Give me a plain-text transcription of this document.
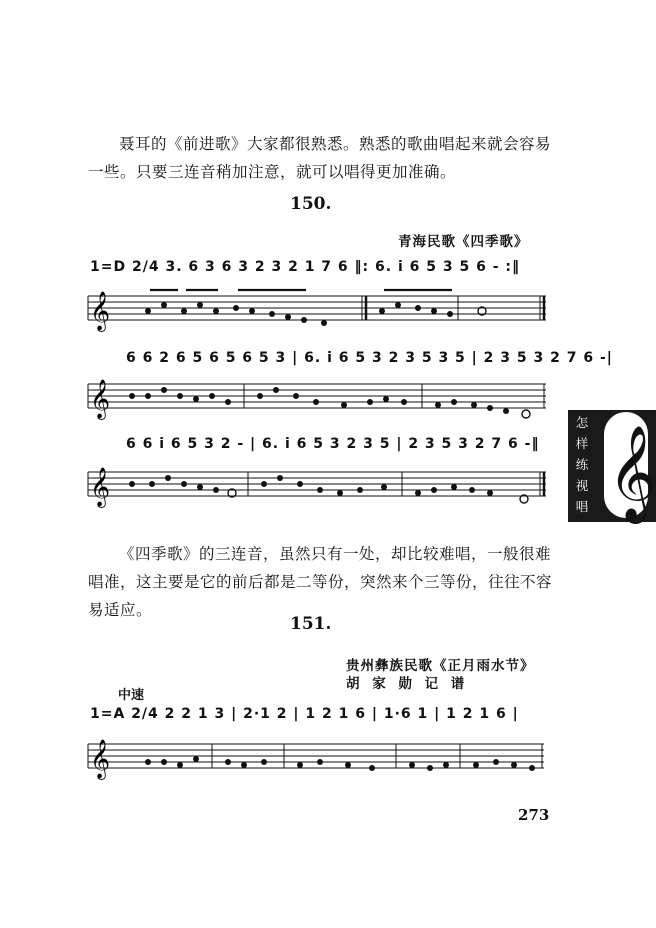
聂耳的《前进歌》大家都很熟悉。熟悉的歌曲唱起来就会容易一些。只要三连音稍加注意，就可以唱得更加准确。

150.
青海民歌《四季歌》
1=D 2/4 3. 6 3 6 3 2 3 2 1 7 6 ‖: 6. i 6 5 3 5 6 - :‖
𝄞
6 6 2 6 5 6 5 6 5 3 | 6. i 6 5 3 2 3 5 3 5 | 2 3 5 3 2 7 6 -|
𝄞
6 6 i 6 5 3 2 - | 6. i 6 5 3 2 3 5 | 2 3 5 3 2 7 6 -‖
𝄞

《四季歌》的三连音，虽然只有一处，却比较难唱，一般很难唱准，这主要是它的前后都是二等份，突然来个三等份，往往不容易适应。

151.
贵州彝族民歌《正月雨水节》
胡 家 勋 记 谱
中速
1=A 2/4 2 2 1 3 | 2·1 2 | 1 2 1 6 | 1·6 1 | 1 2 1 6 |
𝄞
怎
样
练
视
唱 𝄞
273
